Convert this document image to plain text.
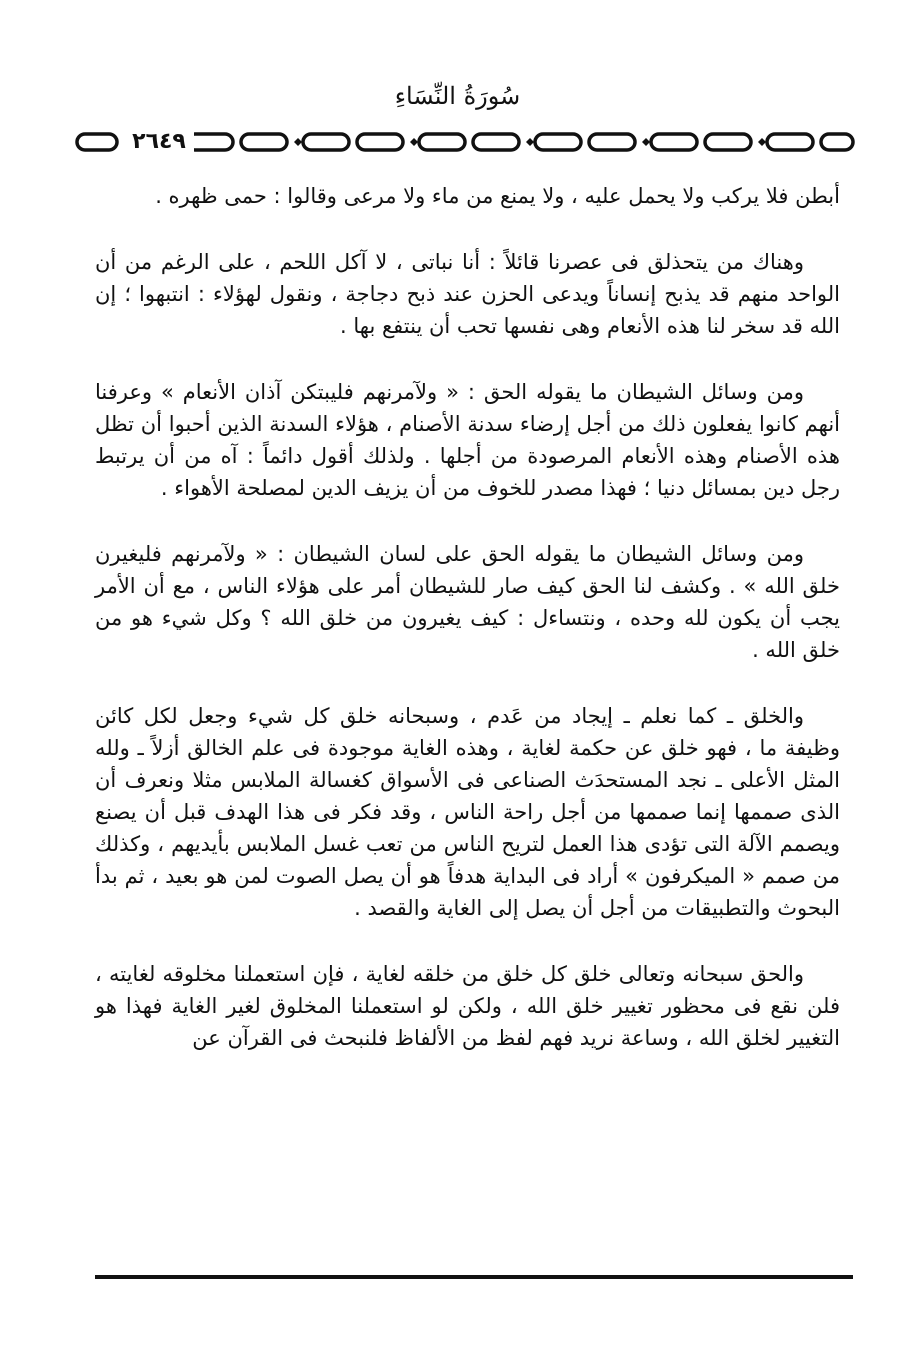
سُورَةُ النِّسَاءِ
٢٦٤٩

أبطن فلا يركب ولا يحمل عليه ، ولا يمنع من ماء ولا مرعى وقالوا : حمى ظهره .

وهناك من يتحذلق فى عصرنا قائلاً : أنا نباتى ، لا آكل اللحم ، على الرغم من أن الواحد منهم قد يذبح إنساناً ويدعى الحزن عند ذبح دجاجة ، ونقول لهؤلاء : انتبهوا ؛ إن الله قد سخر لنا هذه الأنعام وهى نفسها تحب أن ينتفع بها .

ومن وسائل الشيطان ما يقوله الحق : « ولآمرنهم فليبتكن آذان الأنعام » وعرفنا أنهم كانوا يفعلون ذلك من أجل إرضاء سدنة الأصنام ، هؤلاء السدنة الذين أحبوا أن تظل هذه الأصنام وهذه الأنعام المرصودة من أجلها . ولذلك أقول دائماً : آه من أن يرتبط رجل دين بمسائل دنيا ؛ فهذا مصدر للخوف من أن يزيف الدين لمصلحة الأهواء .

ومن وسائل الشيطان ما يقوله الحق على لسان الشيطان : « ولآمرنهم فليغيرن خلق الله » . وكشف لنا الحق كيف صار للشيطان أمر على هؤلاء الناس ، مع أن الأمر يجب أن يكون لله وحده ، ونتساءل : كيف يغيرون من خلق الله ؟ وكل شيء هو من خلق الله .

والخلق ـ كما نعلم ـ إيجاد من عَدم ، وسبحانه خلق كل شيء وجعل لكل كائن وظيفة ما ، فهو خلق عن حكمة لغاية ، وهذه الغاية موجودة فى علم الخالق أزلاً ـ ولله المثل الأعلى ـ نجد المستحدَث الصناعى فى الأسواق كغسالة الملابس مثلا ونعرف أن الذى صممها إنما صممها من أجل راحة الناس ، وقد فكر فى هذا الهدف قبل أن يصنع ويصمم الآلة التى تؤدى هذا العمل لتريح الناس من تعب غسل الملابس بأيديهم ، وكذلك من صمم « الميكرفون » أراد فى البداية هدفاً هو أن يصل الصوت لمن هو بعيد ، ثم بدأ البحوث والتطبيقات من أجل أن يصل إلى الغاية والقصد .

والحق سبحانه وتعالى خلق كل خلق من خلقه لغاية ، فإن استعملنا مخلوقه لغايته ، فلن نقع فى محظور تغيير خلق الله ، ولكن لو استعملنا المخلوق لغير الغاية فهذا هو التغيير لخلق الله ، وساعة نريد فهم لفظ من الألفاظ فلنبحث فى القرآن عن
